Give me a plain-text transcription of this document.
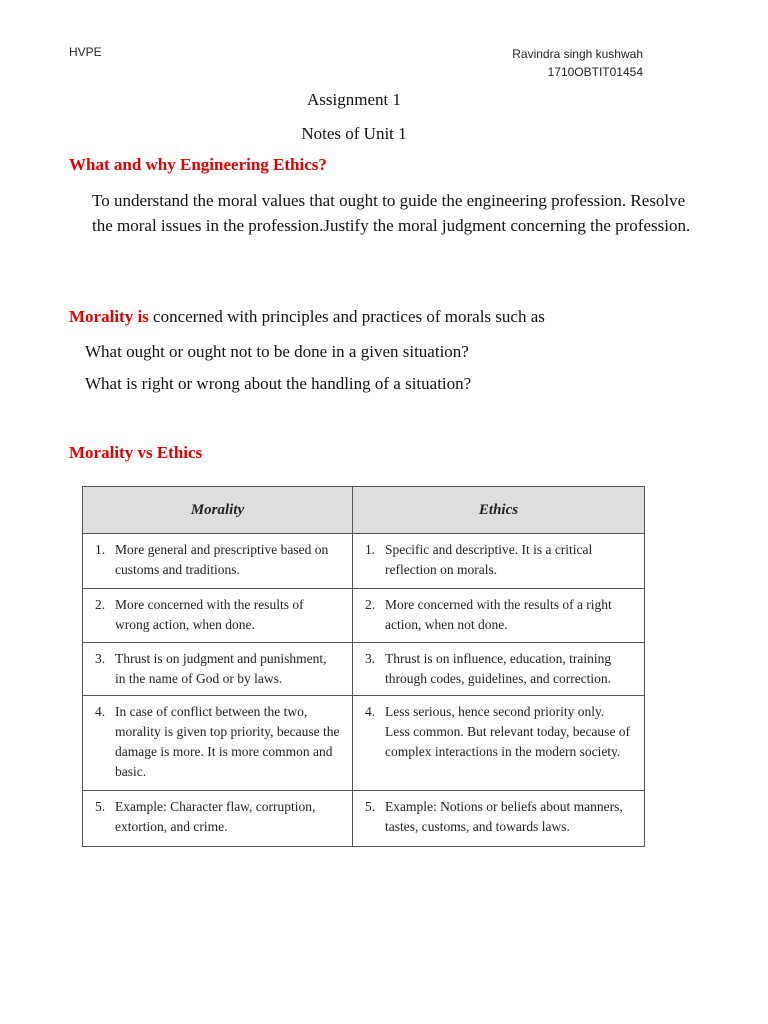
HVPE	Ravindra singh kushwah
1710OBTIT01454
Assignment 1
Notes of Unit 1
What and why Engineering Ethics?
To understand the moral values that ought to guide the engineering profession. Resolve the moral issues in the profession.Justify the moral judgment concerning the profession.
Morality is concerned with principles and practices of morals such as
What ought or ought not to be done in a given situation?
What is right or wrong about the handling of a situation?
Morality vs Ethics
Morality	Ethics

1. More general and prescriptive based on customs and traditions.	1. Specific and descriptive. It is a critical reflection on morals.

2. More concerned with the results of wrong action, when done.	2. More concerned with the results of a right action, when not done.

3. Thrust is on judgment and punishment, in the name of God or by laws.	3. Thrust is on influence, education, training through codes, guidelines, and correction.

4. In case of conflict between the two, morality is given top priority, because the damage is more. It is more common and basic.	4. Less serious, hence second priority only. Less common. But relevant today, because of complex interactions in the modern society.

5. Example: Character flaw, corruption, extortion, and crime.	5. Example: Notions or beliefs about manners, tastes, customs, and towards laws.
